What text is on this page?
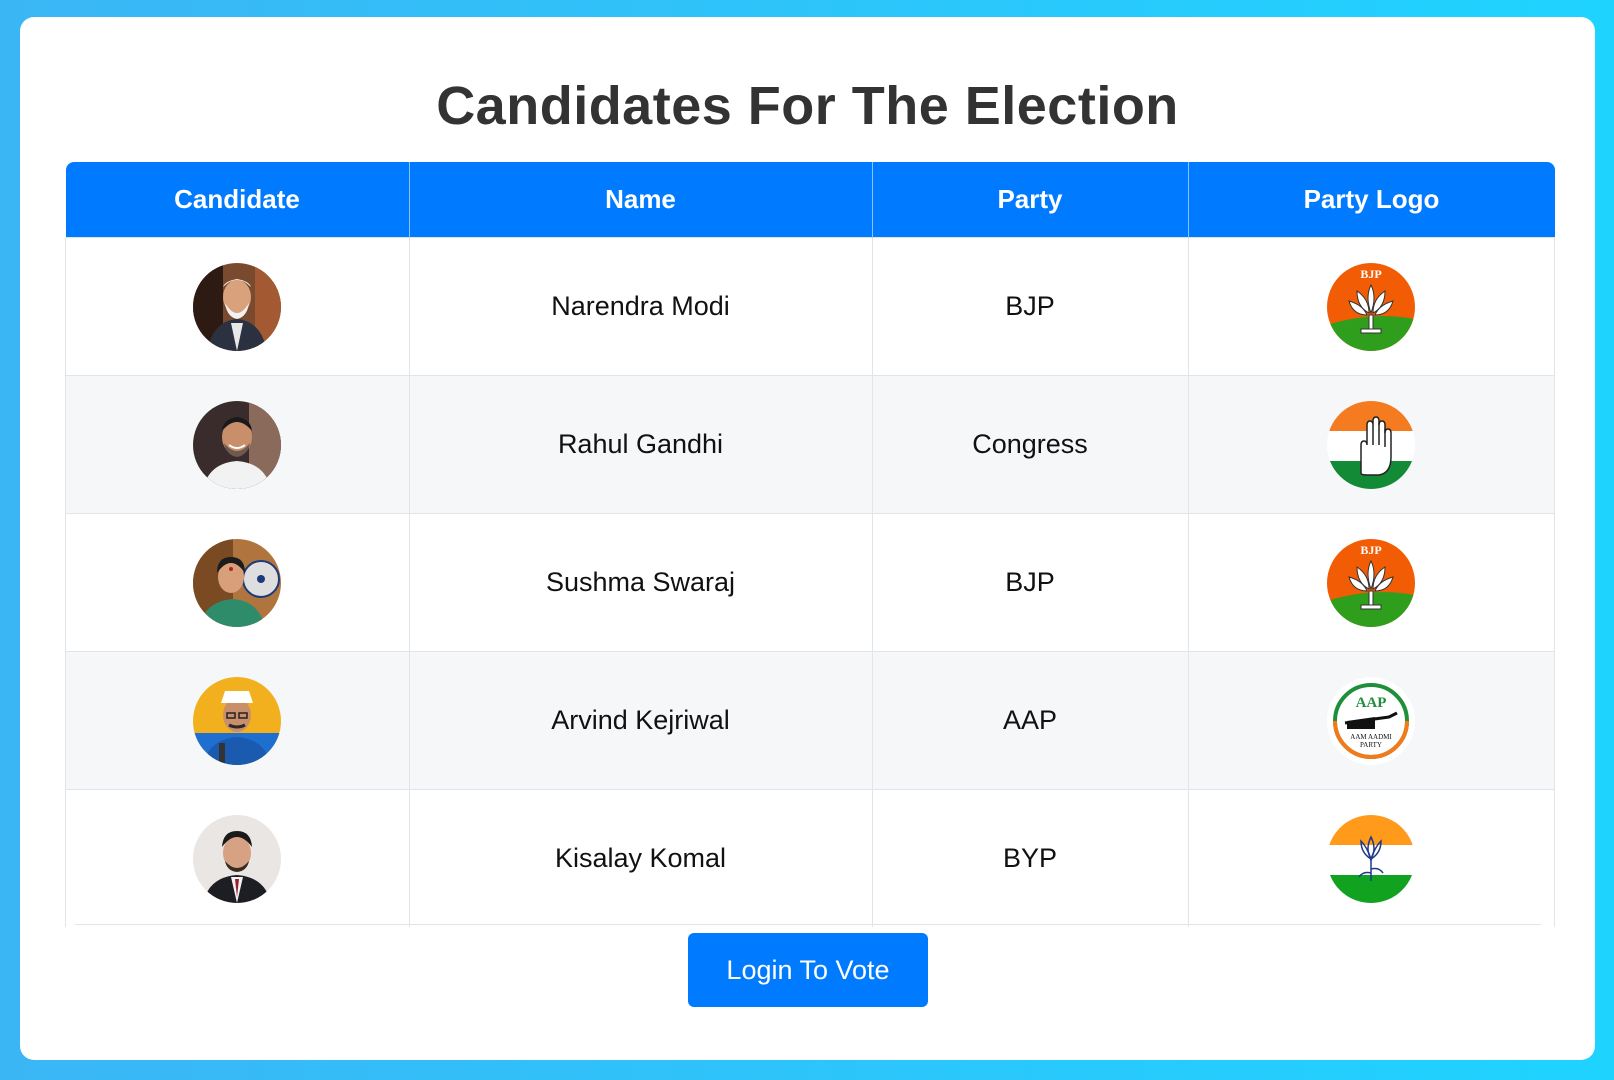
Candidates For The Election
Candidate	Name	Party	Party Logo

	Narendra Modi	BJP	BJP

	Rahul Gandhi	Congress	

	Sushma Swaraj	BJP	BJP

	Arvind Kejriwal	AAP	AAP
AAM AADMI
PARTY

	Kisalay Komal	BYP	
Login To Vote
